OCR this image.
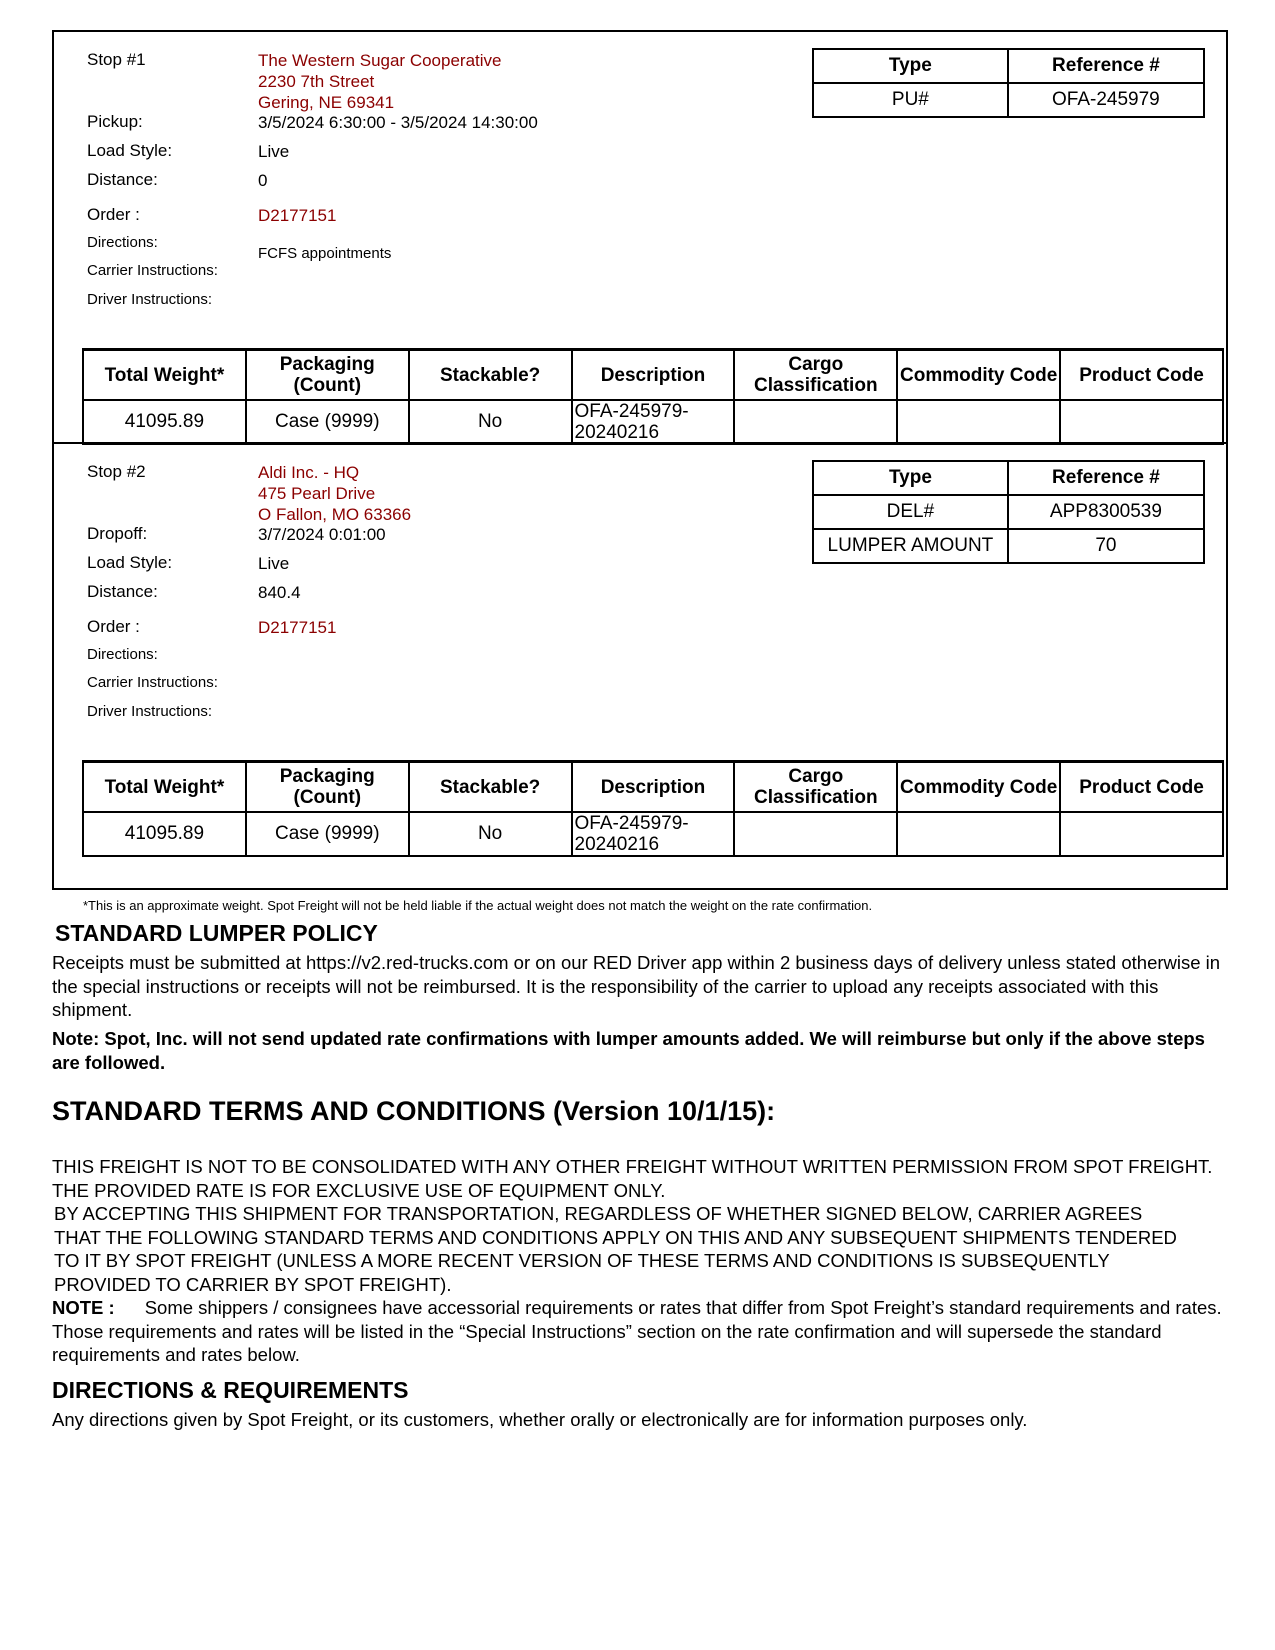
Stop #1	The Western Sugar Cooperative
2230 7th Street
Gering, NE 69341
Pickup:	3/5/2024 6:30:00 - 3/5/2024 14:30:00
Load Style:	Live
Distance:	0
Order :	D2177151
Directions:
FCFS appointments
Carrier Instructions:
Driver Instructions:
Type	Reference #
PU#	OFA-245979
Total Weight*	Packaging (Count)	Stackable?	Description	Cargo Classification	Commodity Code	Product Code
41095.89	Case (9999)	No	OFA-245979-20240216			
Stop #2	Aldi Inc. - HQ
475 Pearl Drive
O Fallon, MO 63366
Dropoff:	3/7/2024 0:01:00
Load Style:	Live
Distance:	840.4
Order :	D2177151
Directions:
Carrier Instructions:
Driver Instructions:
Type	Reference #
DEL#	APP8300539
LUMPER AMOUNT	70
Total Weight*	Packaging (Count)	Stackable?	Description	Cargo Classification	Commodity Code	Product Code
41095.89	Case (9999)	No	OFA-245979-20240216			
*This is an approximate weight. Spot Freight will not be held liable if the actual weight does not match the weight on the rate confirmation.
STANDARD LUMPER POLICY
Receipts must be submitted at https://v2.red-trucks.com or on our RED Driver app within 2 business days of delivery unless stated otherwise in the special instructions or receipts will not be reimbursed. It is the responsibility of the carrier to upload any receipts associated with this shipment.
Note: Spot, Inc. will not send updated rate confirmations with lumper amounts added. We will reimburse but only if the above steps are followed.
STANDARD TERMS AND CONDITIONS (Version 10/1/15):
THIS FREIGHT IS NOT TO BE CONSOLIDATED WITH ANY OTHER FREIGHT WITHOUT WRITTEN PERMISSION FROM SPOT FREIGHT. THE PROVIDED RATE IS FOR EXCLUSIVE USE OF EQUIPMENT ONLY.
BY ACCEPTING THIS SHIPMENT FOR TRANSPORTATION, REGARDLESS OF WHETHER SIGNED BELOW, CARRIER AGREES THAT THE FOLLOWING STANDARD TERMS AND CONDITIONS APPLY ON THIS AND ANY SUBSEQUENT SHIPMENTS TENDERED TO IT BY SPOT FREIGHT (UNLESS A MORE RECENT VERSION OF THESE TERMS AND CONDITIONS IS SUBSEQUENTLY PROVIDED TO CARRIER BY SPOT FREIGHT).
NOTE : Some shippers / consignees have accessorial requirements or rates that differ from Spot Freight’s standard requirements and rates. Those requirements and rates will be listed in the “Special Instructions” section on the rate confirmation and will supersede the standard requirements and rates below.
DIRECTIONS & REQUIREMENTS
Any directions given by Spot Freight, or its customers, whether orally or electronically are for information purposes only.
